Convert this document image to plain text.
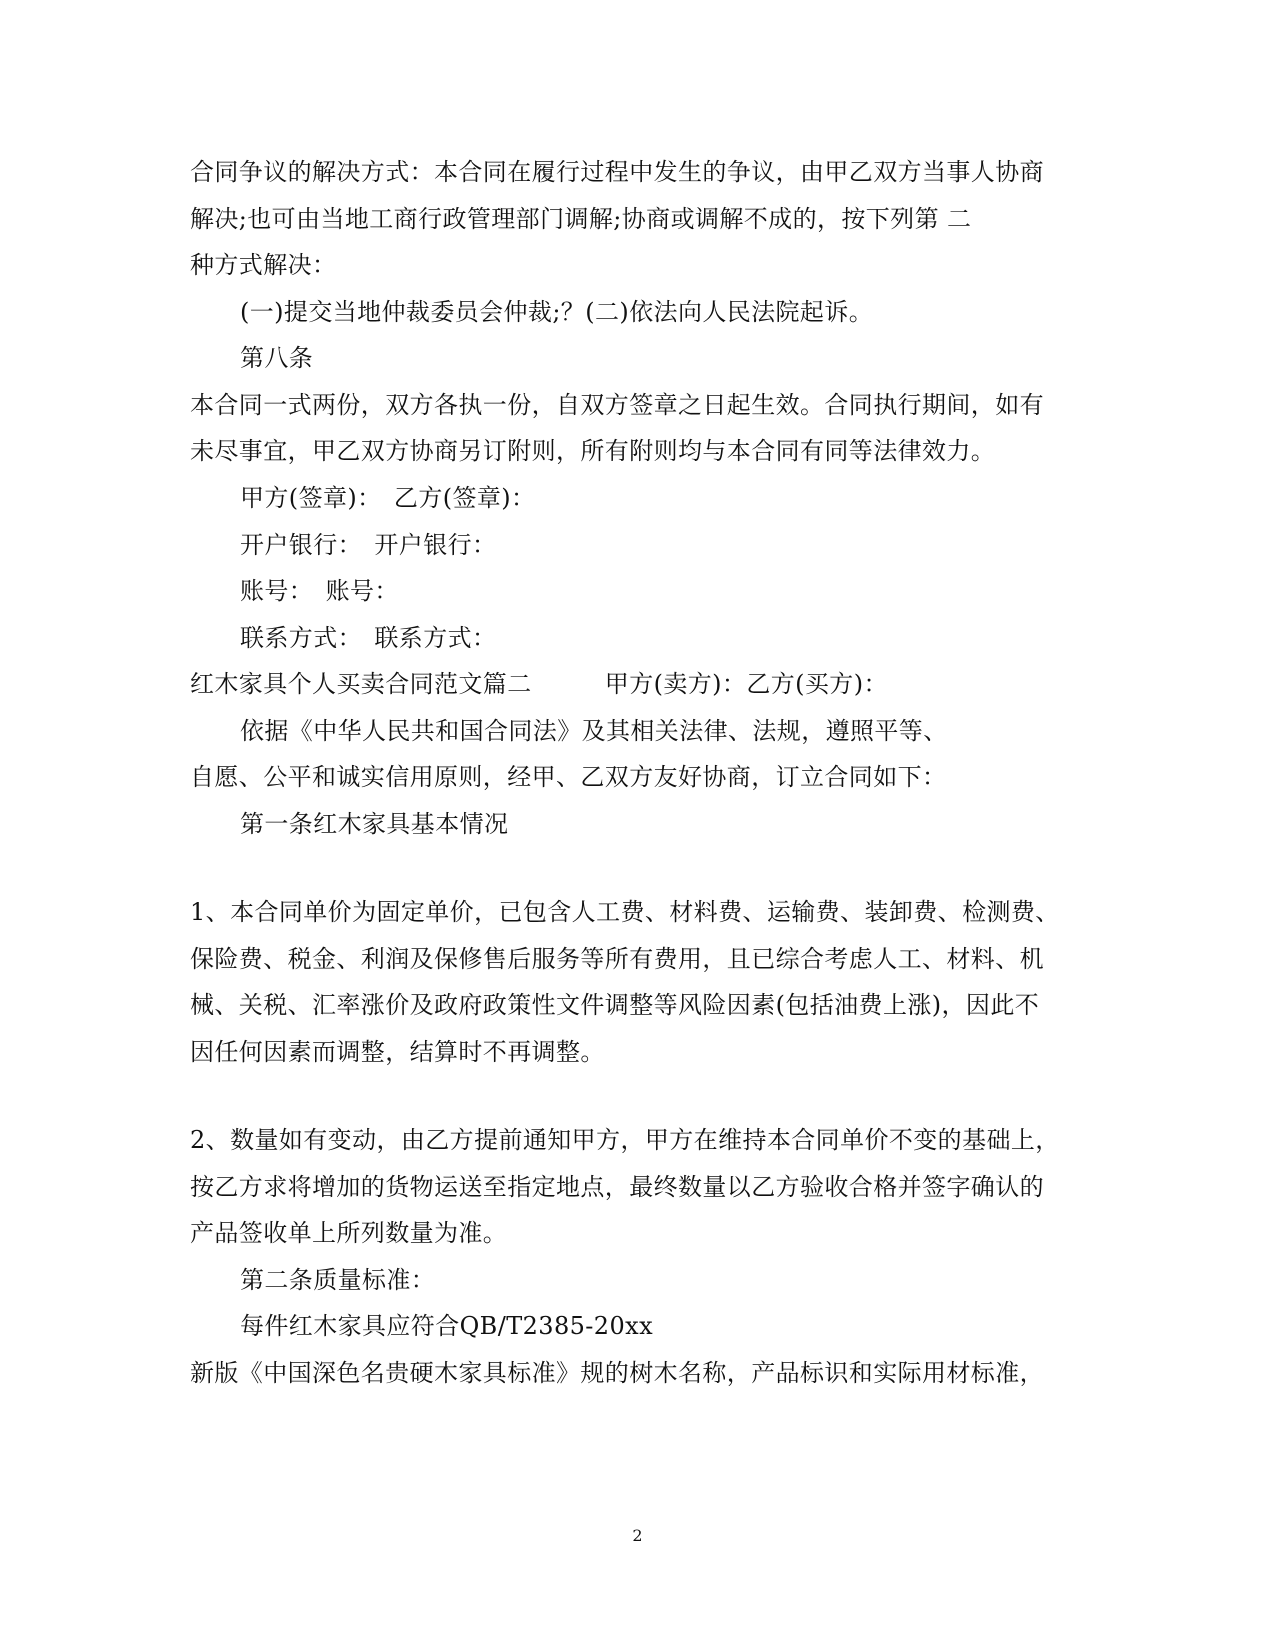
合同争议的解决方式：本合同在履行过程中发生的争议，由甲乙双方当事人协商
解决;也可由当地工商行政管理部门调解;协商或调解不成的，按下列第 二
种方式解决：
(一)提交当地仲裁委员会仲裁;？(二)依法向人民法院起诉。
第八条
本合同一式两份，双方各执一份，自双方签章之日起生效。合同执行期间，如有
未尽事宜，甲乙双方协商另订附则，所有附则均与本合同有同等法律效力。
甲方(签章)：　乙方(签章)：
开户银行：　开户银行：
账号：　账号：
联系方式：　联系方式：
红木家具个人买卖合同范文篇二　　　甲方(卖方)：乙方(买方)：
依据《中华人民共和国合同法》及其相关法律、法规，遵照平等、
自愿、公平和诚实信用原则，经甲、乙双方友好协商，订立合同如下：
第一条红木家具基本情况
1、本合同单价为固定单价，已包含人工费、材料费、运输费、装卸费、检测费、
保险费、税金、利润及保修售后服务等所有费用，且已综合考虑人工、材料、机
械、关税、汇率涨价及政府政策性文件调整等风险因素(包括油费上涨)，因此不
因任何因素而调整，结算时不再调整。
2、数量如有变动，由乙方提前通知甲方，甲方在维持本合同单价不变的基础上，
按乙方求将增加的货物运送至指定地点，最终数量以乙方验收合格并签字确认的
产品签收单上所列数量为准。
第二条质量标准：
每件红木家具应符合QB/T2385-20xx
新版《中国深色名贵硬木家具标准》规的树木名称，产品标识和实际用材标准，
2
